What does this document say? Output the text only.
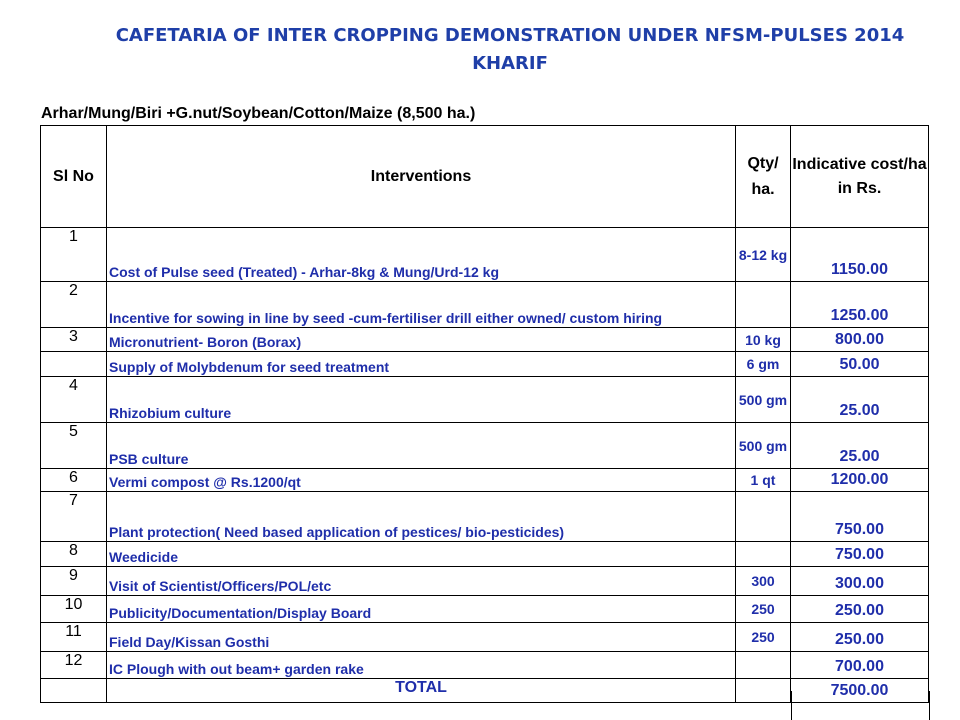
CAFETARIA OF INTER CROPPING DEMONSTRATION UNDER NFSM-PULSES 2014
KHARIF
Arhar/Mung/Biri +G.nut/Soybean/Cotton/Maize (8,500 ha.)
Sl No	Interventions	Qty/ ha.	Indicative cost/ha in Rs.
1	Cost of Pulse seed (Treated) - Arhar-8kg & Mung/Urd-12 kg	8-12 kg	1150.00
2	Incentive for sowing in line by seed -cum-fertiliser drill either owned/ custom hiring		1250.00
3	Micronutrient- Boron (Borax)	10 kg	800.00
	Supply of Molybdenum for seed treatment	6 gm	50.00
4	Rhizobium culture	500 gm	25.00
5	PSB culture	500 gm	25.00
6	Vermi compost @ Rs.1200/qt	1 qt	1200.00
7	Plant protection( Need based application of pestices/ bio-pesticides)		750.00
8	Weedicide		750.00
9	Visit of Scientist/Officers/POL/etc	300	300.00
10	Publicity/Documentation/Display Board	250	250.00
11	Field Day/Kissan Gosthi	250	250.00
12	IC Plough with out beam+ garden rake		700.00
	TOTAL		7500.00
